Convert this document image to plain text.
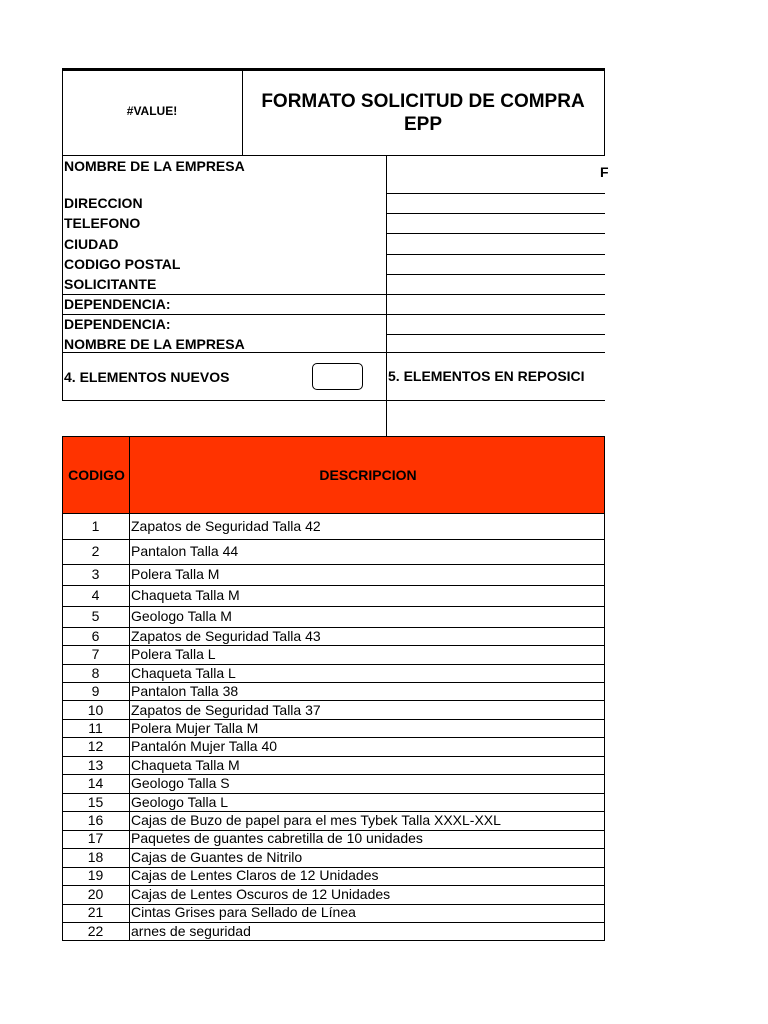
#VALUE!	FORMATO SOLICITUD DE COMPRA
EPP
NOMBRE DE LA EMPRESA	F
DIRECCION
TELEFONO
CIUDAD
CODIGO POSTAL
SOLICITANTE
DEPENDENCIA:
DEPENDENCIA:
NOMBRE DE LA EMPRESA
4. ELEMENTOS NUEVOS	5. ELEMENTOS EN REPOSICI
CODIGO	DESCRIPCION
1	Zapatos de Seguridad Talla 42
2	Pantalon Talla 44
3	Polera Talla M
4	Chaqueta Talla M
5	Geologo Talla M
6	Zapatos de Seguridad Talla 43
7	Polera Talla L
8	Chaqueta Talla L
9	Pantalon Talla 38
10	Zapatos de Seguridad Talla 37
11	Polera Mujer Talla M
12	Pantalón Mujer Talla 40
13	Chaqueta Talla M
14	Geologo Talla S
15	Geologo Talla L
16	Cajas de Buzo de papel para el mes Tybek Talla XXXL-XXL
17	Paquetes de guantes cabretilla de 10 unidades
18	Cajas de Guantes de Nitrilo
19	Cajas de Lentes Claros de 12 Unidades
20	Cajas de Lentes Oscuros de 12 Unidades
21	Cintas Grises para Sellado de Línea
22	arnes de seguridad
